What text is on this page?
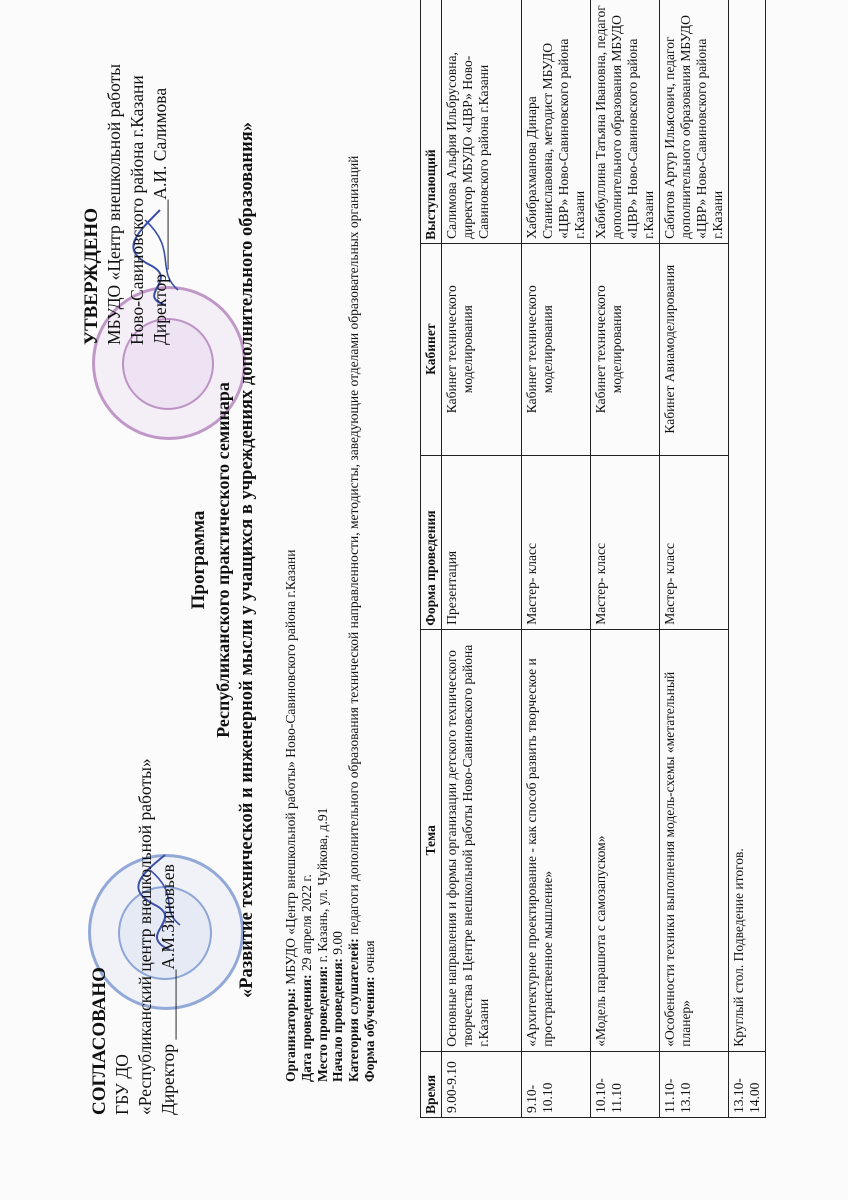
СОГЛАСОВАНО ГБУ ДО «Республиканский центр внешкольной работы» Директор ________А.М.Зиновьев
УТВЕРЖДЕНО МБУДО «Центр внешкольной работы Ново-Савиновского района г.Казани Директор ________А.И. Салимова
Программа Республиканского практического семинара «Развитие технической и инженерной мысли у учащихся в учреждениях дополнительного образования»
Организаторы: МБУДО «Центр внешкольной работы» Ново-Савиновского района г.Казани
Дата проведения: 29 апреля 2022 г.
Место проведения: г. Казань, ул. Чуйкова, д.91
Начало проведения: 9.00 Категория слушателей: педагоги дополнительного образования технической направленности, методисты, заведующие отделами образовательных организаций
Форма обучения: очная
Время	Тема	Форма проведения	Кабинет	Выступающий
9.00-9.10	Основные направления и формы организации детского технического творчества в Центре внешкольной работы Ново-Савиновского района г.Казани	Презентация	Кабинет технического моделирования	Салимова Альфия Ильбрусовна, директор МБУДО «ЦВР» Ново-Савиновского района г.Казани
9.10-10.10	«Архитектурное проектирование - как способ развить творческое и пространственное мышление»	Мастер- класс	Кабинет технического моделирования	Хабибрахманова Динара Станиславовна, методист МБУДО «ЦВР» Ново-Савиновского района г.Казани
10.10-11.10	«Модель парашюта с самозапуском»	Мастер- класс	Кабинет технического моделирования	Хабибуллина Татьяна Ивановна, педагог дополнительного образования МБУДО «ЦВР» Ново-Савиновского района г.Казани
11.10-13.10	«Особенности техники выполнения модель-схемы «метательный планер»	Мастер- класс	Кабинет Авиамоделирования	Сабитов Артур Ильясович, педагог дополнительного образования МБУДО «ЦВР» Ново-Савиновского района г.Казани
13.10-14.00	Круглый стол. Подведение итогов.			
